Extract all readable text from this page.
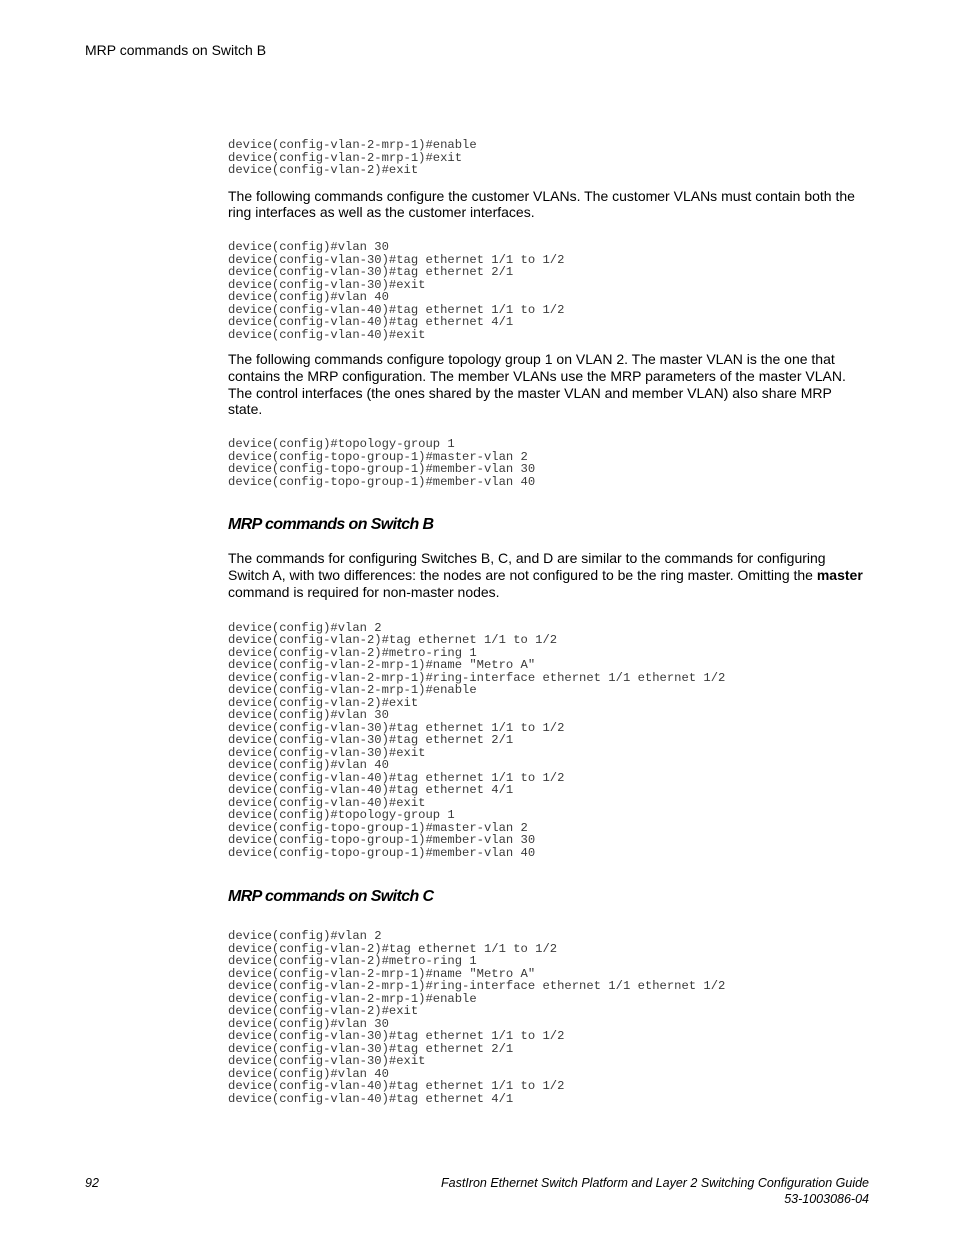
MRP commands on Switch B
device(config-vlan-2-mrp-1)#enable
device(config-vlan-2-mrp-1)#exit
device(config-vlan-2)#exit

The following commands configure the customer VLANs. The customer VLANs must contain both the ring interfaces as well as the customer interfaces.

device(config)#vlan 30
device(config-vlan-30)#tag ethernet 1/1 to 1/2
device(config-vlan-30)#tag ethernet 2/1
device(config-vlan-30)#exit
device(config)#vlan 40
device(config-vlan-40)#tag ethernet 1/1 to 1/2
device(config-vlan-40)#tag ethernet 4/1
device(config-vlan-40)#exit

The following commands configure topology group 1 on VLAN 2. The master VLAN is the one that contains the MRP configuration. The member VLANs use the MRP parameters of the master VLAN. The control interfaces (the ones shared by the master VLAN and member VLAN) also share MRP state.

device(config)#topology-group 1
device(config-topo-group-1)#master-vlan 2
device(config-topo-group-1)#member-vlan 30
device(config-topo-group-1)#member-vlan 40
MRP commands on Switch B

The commands for configuring Switches B, C, and D are similar to the commands for configuring Switch A, with two differences: the nodes are not configured to be the ring master. Omitting the master command is required for non-master nodes.

device(config)#vlan 2
device(config-vlan-2)#tag ethernet 1/1 to 1/2
device(config-vlan-2)#metro-ring 1
device(config-vlan-2-mrp-1)#name "Metro A"
device(config-vlan-2-mrp-1)#ring-interface ethernet 1/1 ethernet 1/2
device(config-vlan-2-mrp-1)#enable
device(config-vlan-2)#exit
device(config)#vlan 30
device(config-vlan-30)#tag ethernet 1/1 to 1/2
device(config-vlan-30)#tag ethernet 2/1
device(config-vlan-30)#exit
device(config)#vlan 40
device(config-vlan-40)#tag ethernet 1/1 to 1/2
device(config-vlan-40)#tag ethernet 4/1
device(config-vlan-40)#exit
device(config)#topology-group 1
device(config-topo-group-1)#master-vlan 2
device(config-topo-group-1)#member-vlan 30
device(config-topo-group-1)#member-vlan 40
MRP commands on Switch C
device(config)#vlan 2
device(config-vlan-2)#tag ethernet 1/1 to 1/2
device(config-vlan-2)#metro-ring 1
device(config-vlan-2-mrp-1)#name "Metro A"
device(config-vlan-2-mrp-1)#ring-interface ethernet 1/1 ethernet 1/2
device(config-vlan-2-mrp-1)#enable
device(config-vlan-2)#exit
device(config)#vlan 30
device(config-vlan-30)#tag ethernet 1/1 to 1/2
device(config-vlan-30)#tag ethernet 2/1
device(config-vlan-30)#exit
device(config)#vlan 40
device(config-vlan-40)#tag ethernet 1/1 to 1/2
device(config-vlan-40)#tag ethernet 4/1
92	FastIron Ethernet Switch Platform and Layer 2 Switching Configuration Guide
53-1003086-04
